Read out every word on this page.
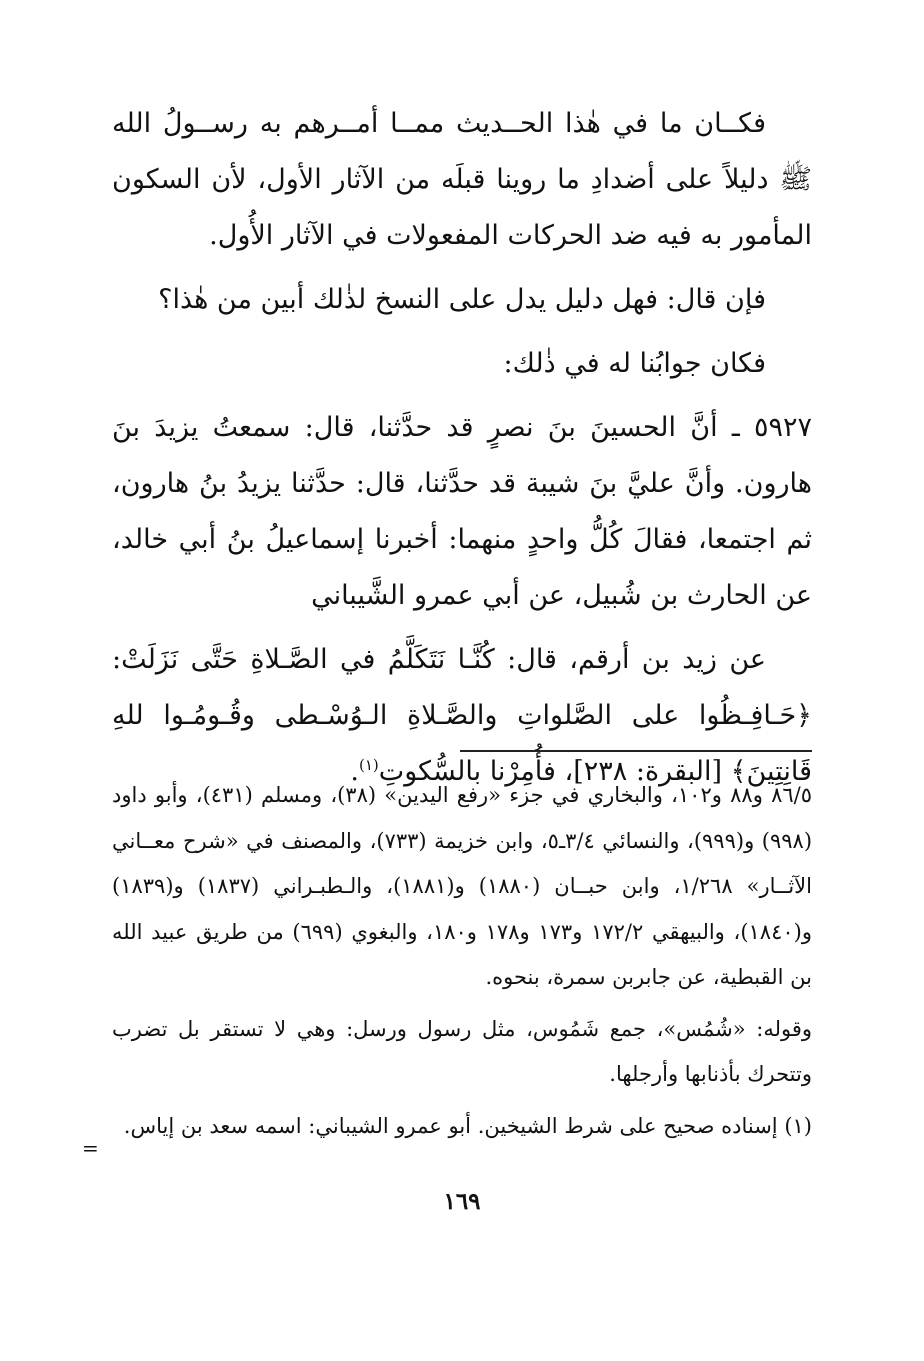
فكــان ما في هٰذا الحــديث ممــا أمــرهم به رســولُ الله ﷺ دليلاً على أضدادِ ما روينا قبلَه من الآثار الأول، لأن السكون المأمور به فيه ضد الحركات المفعولات في الآثار الأُول.

فإن قال: فهل دليل يدل على النسخ لذٰلك أبين من هٰذا؟

فكان جوابُنا له في ذٰلك:

٥٩٢٧ ـ أنَّ الحسينَ بنَ نصرٍ قد حدَّثنا، قال: سمعتُ يزيدَ بنَ هارون. وأنَّ عليَّ بنَ شيبة قد حدَّثنا، قال: حدَّثنا يزيدُ بنُ هارون، ثم اجتمعا، فقالَ كُلُّ واحدٍ منهما: أخبرنا إسماعيلُ بنُ أبي خالد، عن الحارث بن شُبيل، عن أبي عمرو الشَّيباني

عن زيد بن أرقم، قال: كُنَّـا نَتَكَلَّمُ في الصَّـلاةِ حَتَّى نَزَلَتْ: ﴿حَـافِـظُوا على الصَّلواتِ والصَّـلاةِ الـوُسْـطى وقُـومُـوا للهِ قَانِتِينَ﴾ [البقرة: ٢٣٨]، فأُمِرْنا بالسُّكوتِ$^{(١)}$.

٨٦/٥ و٨٨ و١٠٢، والبخاري في جزء «رفع اليدين» (٣٨)، ومسلم (٤٣١)، وأبو داود (٩٩٨) و(٩٩٩)، والنسائي ٣/٤ـ٥، وابن خزيمة (٧٣٣)، والمصنف في «شرح معــاني الآثــار» ١/٢٦٨، وابن حبــان (١٨٨٠) و(١٨٨١)، والـطبـراني (١٨٣٧) و(١٨٣٩) و(١٨٤٠)، والبيهقي ١٧٢/٢ و١٧٣ و١٧٨ و١٨٠، والبغوي (٦٩٩) من طريق عبيد الله بن القبطية، عن جابربن سمرة، بنحوه.

وقوله: «شُمُس»، جمع شَمُوس، مثل رسول ورسل: وهي لا تستقر بل تضرب وتتحرك بأذنابها وأرجلها.

(١) إسناده صحيح على شرط الشيخين. أبو عمرو الشيباني: اسمه سعد بن إياس.

=
١٦٩
